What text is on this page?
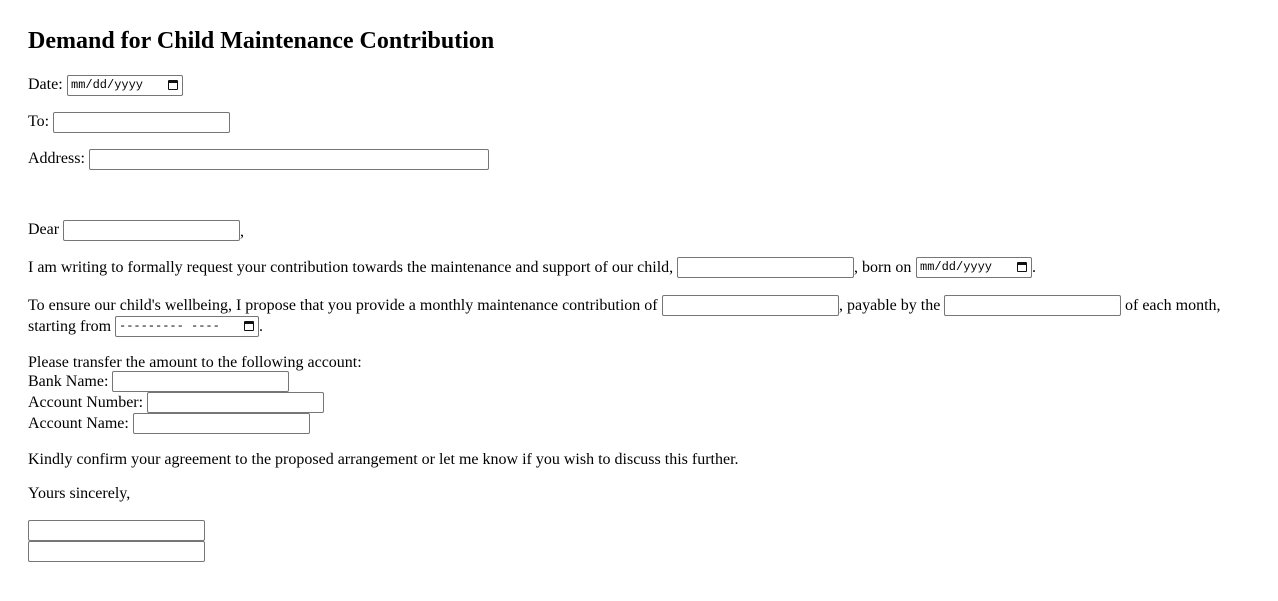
Demand for Child Maintenance Contribution
Date: mm/dd/yyyy
To:
Address:
Dear	,
I am writing to formally request your contribution towards the maintenance and support of our child,	, born on mm/dd/yyyy	.
To ensure our child's wellbeing, I propose that you provide a monthly maintenance contribution of	, payable by the	of each month,
starting from --------- ----	.
Please transfer the amount to the following account:
Bank Name:
Account Number:
Account Name:
Kindly confirm your agreement to the proposed arrangement or let me know if you wish to discuss this further.
Yours sincerely,
